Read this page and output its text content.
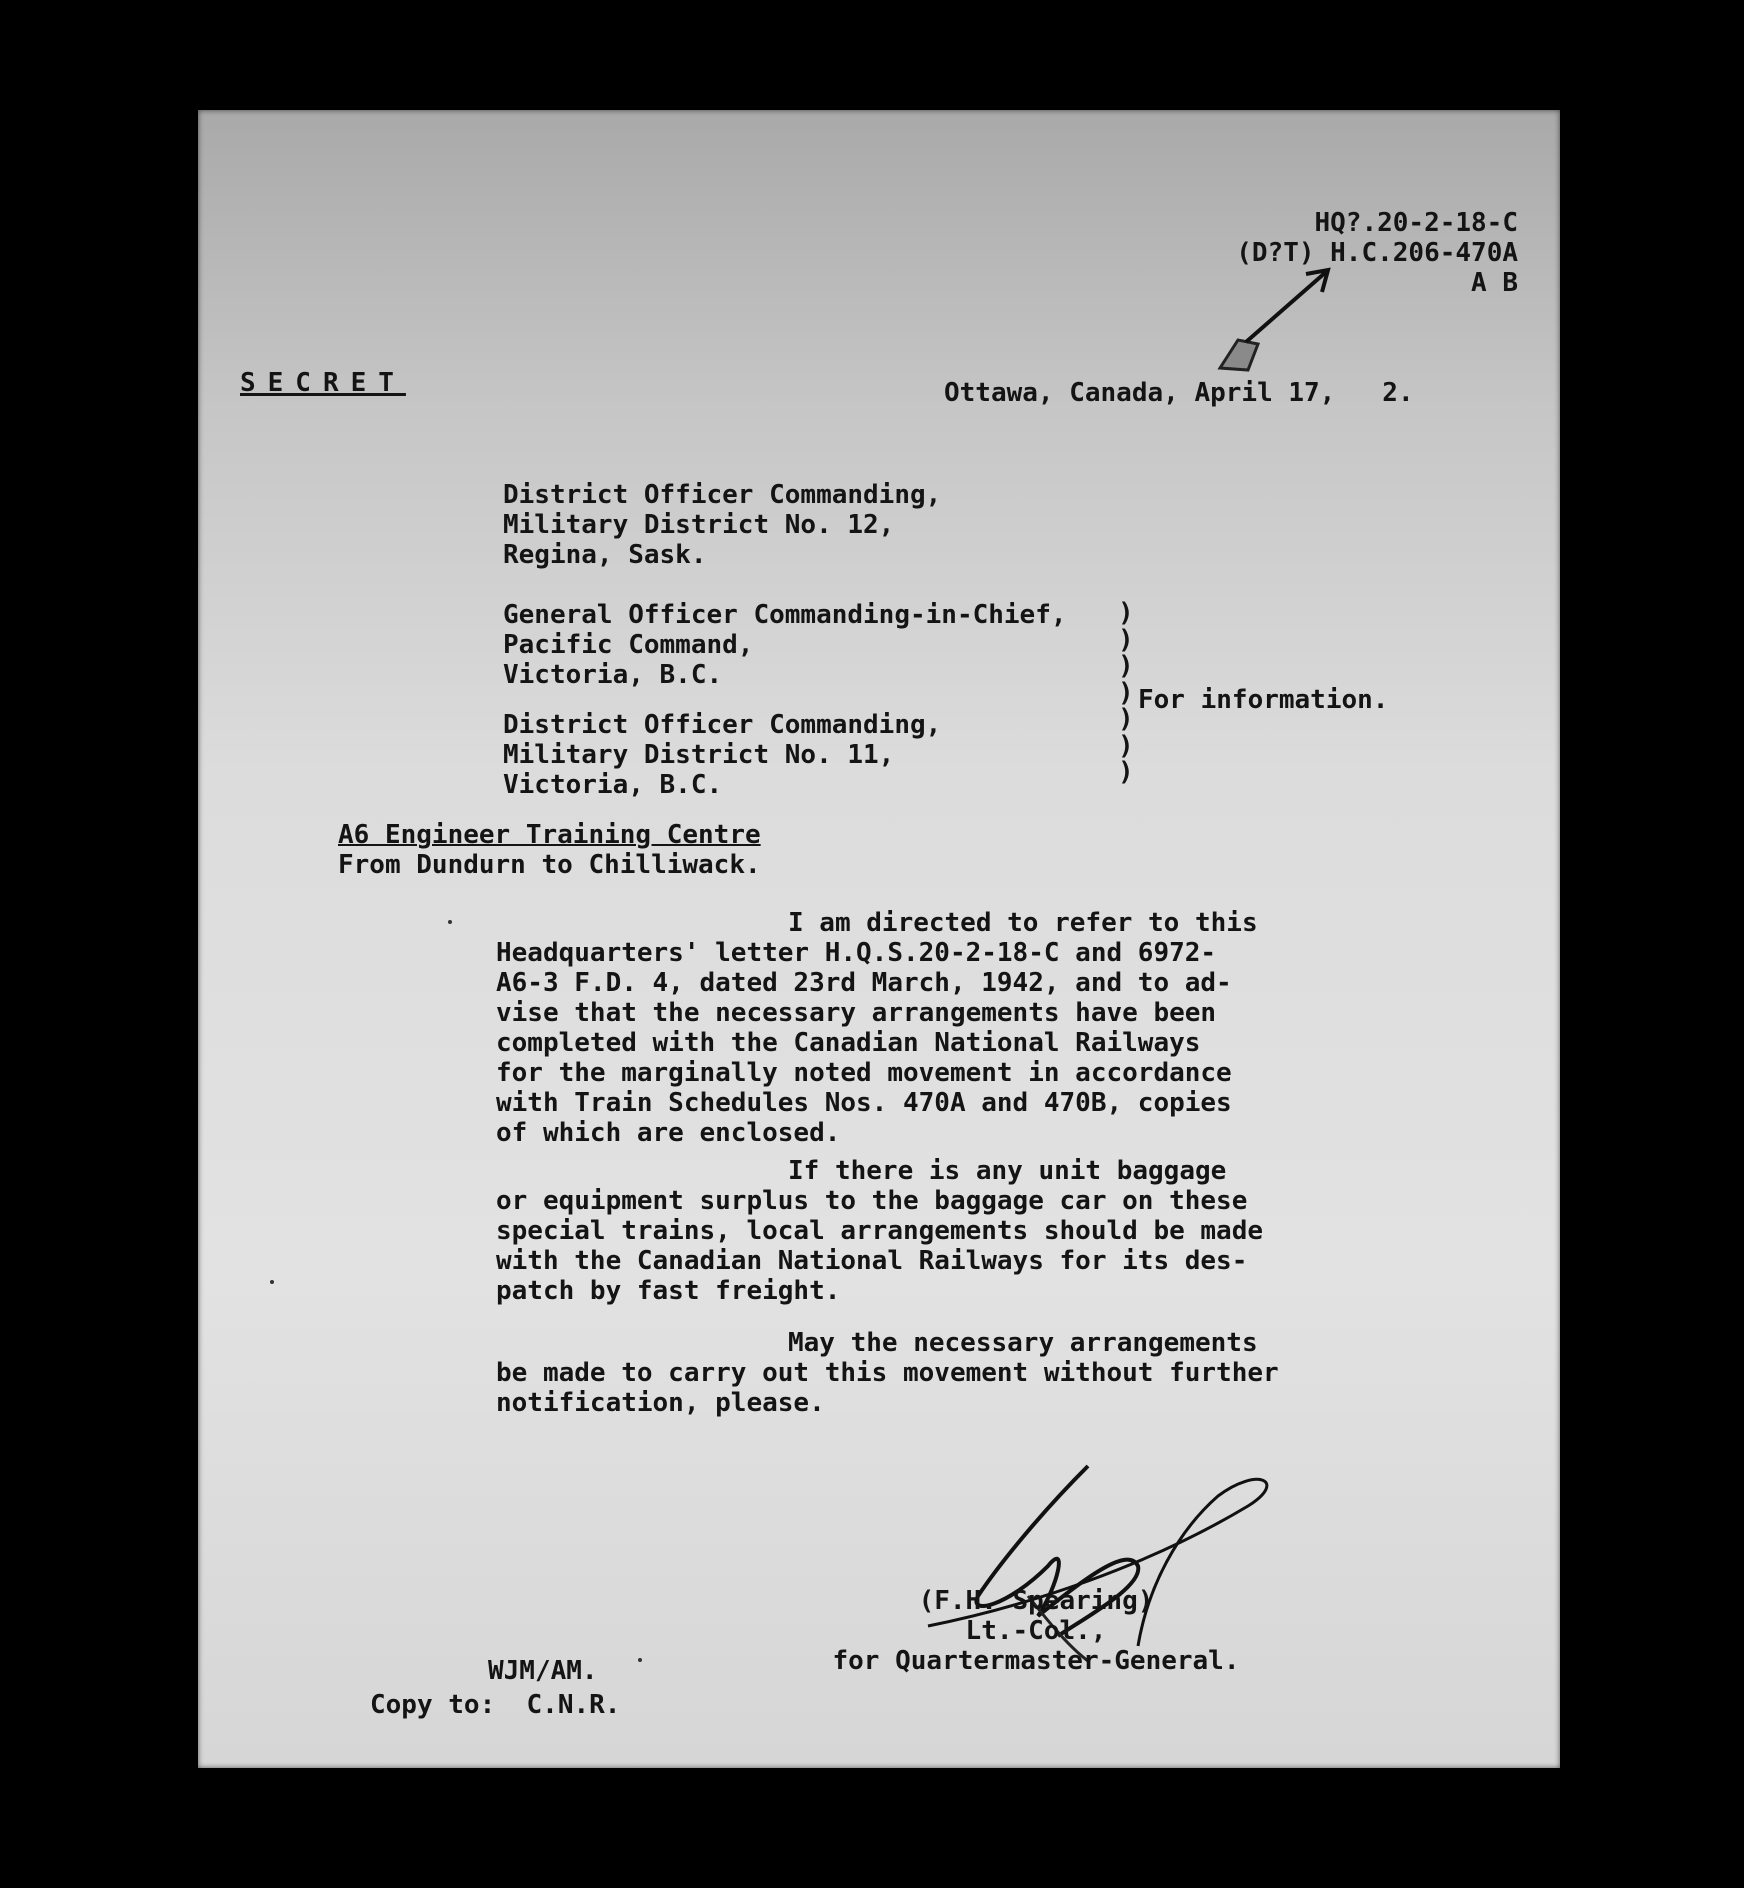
HQ?.20-2-18-C
(D?T) H.C.206-470A
A B
SECRET	Ottawa, Canada, April 17,   2.
District Officer Commanding,
Military District No. 12,
Regina, Sask.
General Officer Commanding-in-Chief,
Pacific Command,
Victoria, B.C.
District Officer Commanding,
Military District No. 11,
Victoria, B.C.
)
)
)
)
)
)
)
For information.
A6 Engineer Training Centre
From Dundurn to Chilliwack.
I am directed to refer to this
Headquarters' letter H.Q.S.20-2-18-C and 6972-
A6-3 F.D. 4, dated 23rd March, 1942, and to ad-
vise that the necessary arrangements have been
completed with the Canadian National Railways
for the marginally noted movement in accordance
with Train Schedules Nos. 470A and 470B, copies
of which are enclosed.
If there is any unit baggage
or equipment surplus to the baggage car on these
special trains, local arrangements should be made
with the Canadian National Railways for its des-
patch by fast freight.
May the necessary arrangements
be made to carry out this movement without further
notification, please.
(F.H. Spearing)
Lt.-Col.,
for Quartermaster-General.
WJM/AM.
Copy to:  C.N.R.
